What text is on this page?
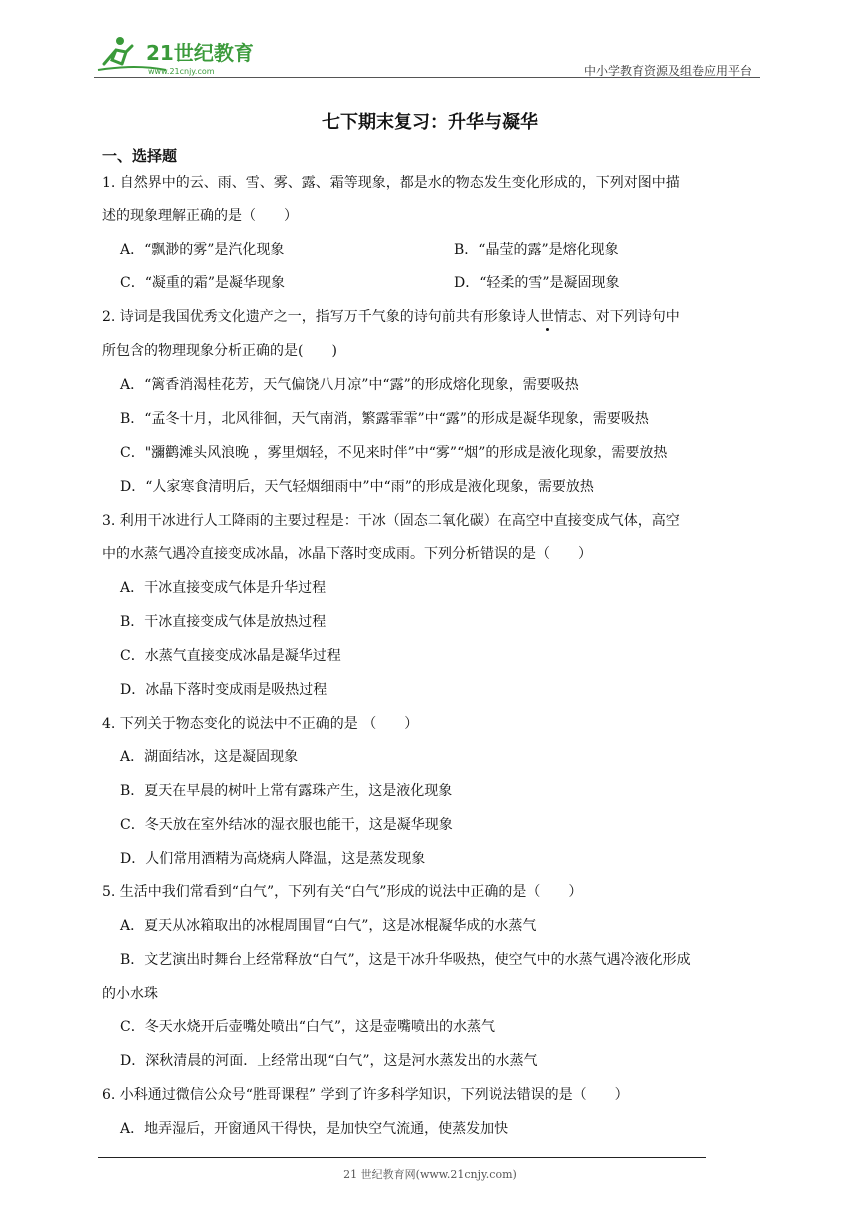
21世纪教育
www.21cnjy.com	中小学教育资源及组卷应用平台
七下期末复习：升华与凝华
一、选择题
1. 自然界中的云、雨、雪、雾、露、霜等现象，都是水的物态发生变化形成的，下列对图中描
述的现象理解正确的是（　　）
A．“飘渺的雾”是汽化现象	B．“晶莹的露”是熔化现象
C．“凝重的霜”是凝华现象	D．“轻柔的雪”是凝固现象
2. 诗词是我国优秀文化遗产之一，指写万千气象的诗句前共有形象诗人世情志、对下列诗句中
所包含的物理现象分析正确的是(　　)
A．“篱香消渴桂花芳，天气偏饶八月凉”中“露”的形成熔化现象，需要吸热
B．“孟冬十月，北风徘徊，天气南消，繁露霏霏”中“露”的形成是凝华现象，需要吸热
C．"瀰鹳滩头风浪晚 ，雾里烟轻，不见来时伴”中“雾”“烟”的形成是液化现象，需要放热
D．“人家寒食清明后，天气轻烟细雨中”中“雨”的形成是液化现象，需要放热
3. 利用干冰进行人工降雨的主要过程是：干冰（固态二氧化碳）在高空中直接变成气体，高空
中的水蒸气遇冷直接变成冰晶，冰晶下落时变成雨。下列分析错误的是（　　）
A．干冰直接变成气体是升华过程
B．干冰直接变成气体是放热过程
C．水蒸气直接变成冰晶是凝华过程
D．冰晶下落时变成雨是吸热过程
4. 下列关于物态变化的说法中不正确的是 （　　）
A．湖面结冰，这是凝固现象
B．夏天在早晨的树叶上常有露珠产生，这是液化现象
C．冬天放在室外结冰的湿衣服也能干，这是凝华现象
D．人们常用酒精为高烧病人降温，这是蒸发现象
5. 生活中我们常看到“白气”，下列有关“白气”形成的说法中正确的是（　　）
A．夏天从冰箱取出的冰棍周围冒“白气”，这是冰棍凝华成的水蒸气
B．文艺演出时舞台上经常释放“白气”，这是干冰升华吸热，使空气中的水蒸气遇冷液化形成
的小水珠
C．冬天水烧开后壶嘴处喷出“白气”，这是壶嘴喷出的水蒸气
D．深秋清晨的河面．上经常出现“白气”，这是河水蒸发出的水蒸气
6. 小科通过微信公众号“胜哥课程” 学到了许多科学知识，下列说法错误的是（　　）
A．地弄湿后，开窗通风干得快，是加快空气流通，使蒸发加快
21 世纪教育网(www.21cnjy.com)
